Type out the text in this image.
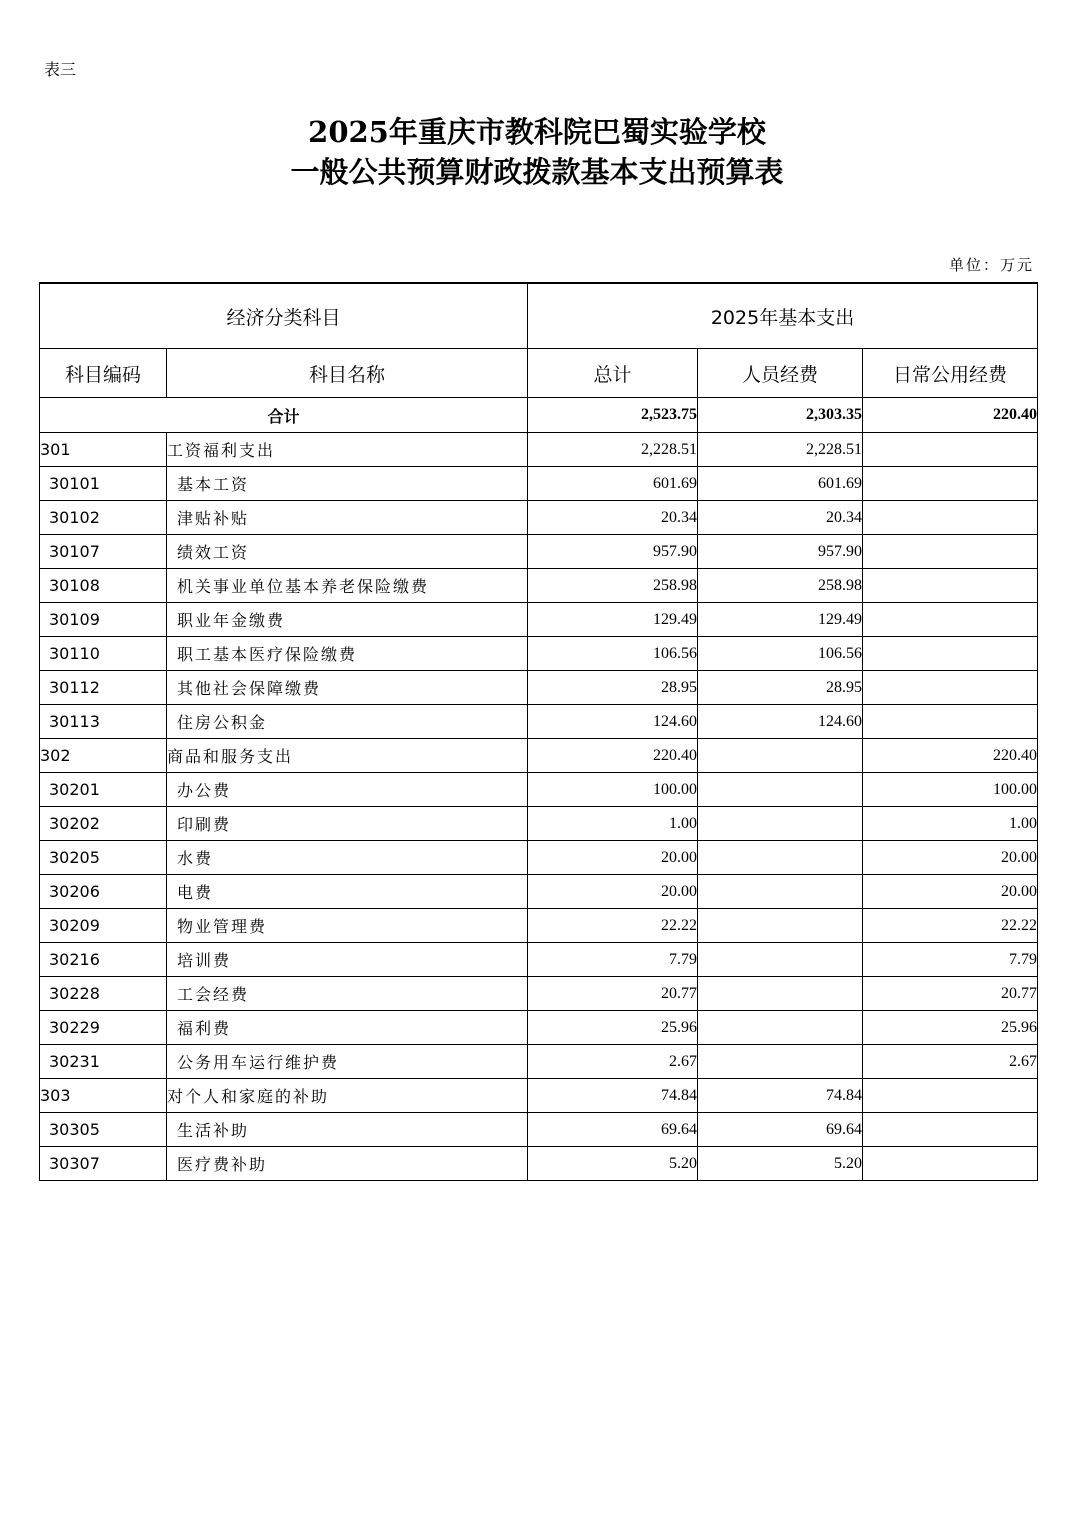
表三
2025年重庆市教科院巴蜀实验学校
一般公共预算财政拨款基本支出预算表
单位：万元
经济分类科目		2025年基本支出		
科目编码	科目名称	总计	人员经费	日常公用经费
合计		2,523.75	2,303.35	220.40
301	工资福利支出	2,228.51	2,228.51	
30101	基本工资	601.69	601.69	
30102	津贴补贴	20.34	20.34	
30107	绩效工资	957.90	957.90	
30108	机关事业单位基本养老保险缴费	258.98	258.98	
30109	职业年金缴费	129.49	129.49	
30110	职工基本医疗保险缴费	106.56	106.56	
30112	其他社会保障缴费	28.95	28.95	
30113	住房公积金	124.60	124.60	
302	商品和服务支出	220.40		220.40
30201	办公费	100.00		100.00
30202	印刷费	1.00		1.00
30205	水费	20.00		20.00
30206	电费	20.00		20.00
30209	物业管理费	22.22		22.22
30216	培训费	7.79		7.79
30228	工会经费	20.77		20.77
30229	福利费	25.96		25.96
30231	公务用车运行维护费	2.67		2.67
303	对个人和家庭的补助	74.84	74.84	
30305	生活补助	69.64	69.64	
30307	医疗费补助	5.20	5.20	
